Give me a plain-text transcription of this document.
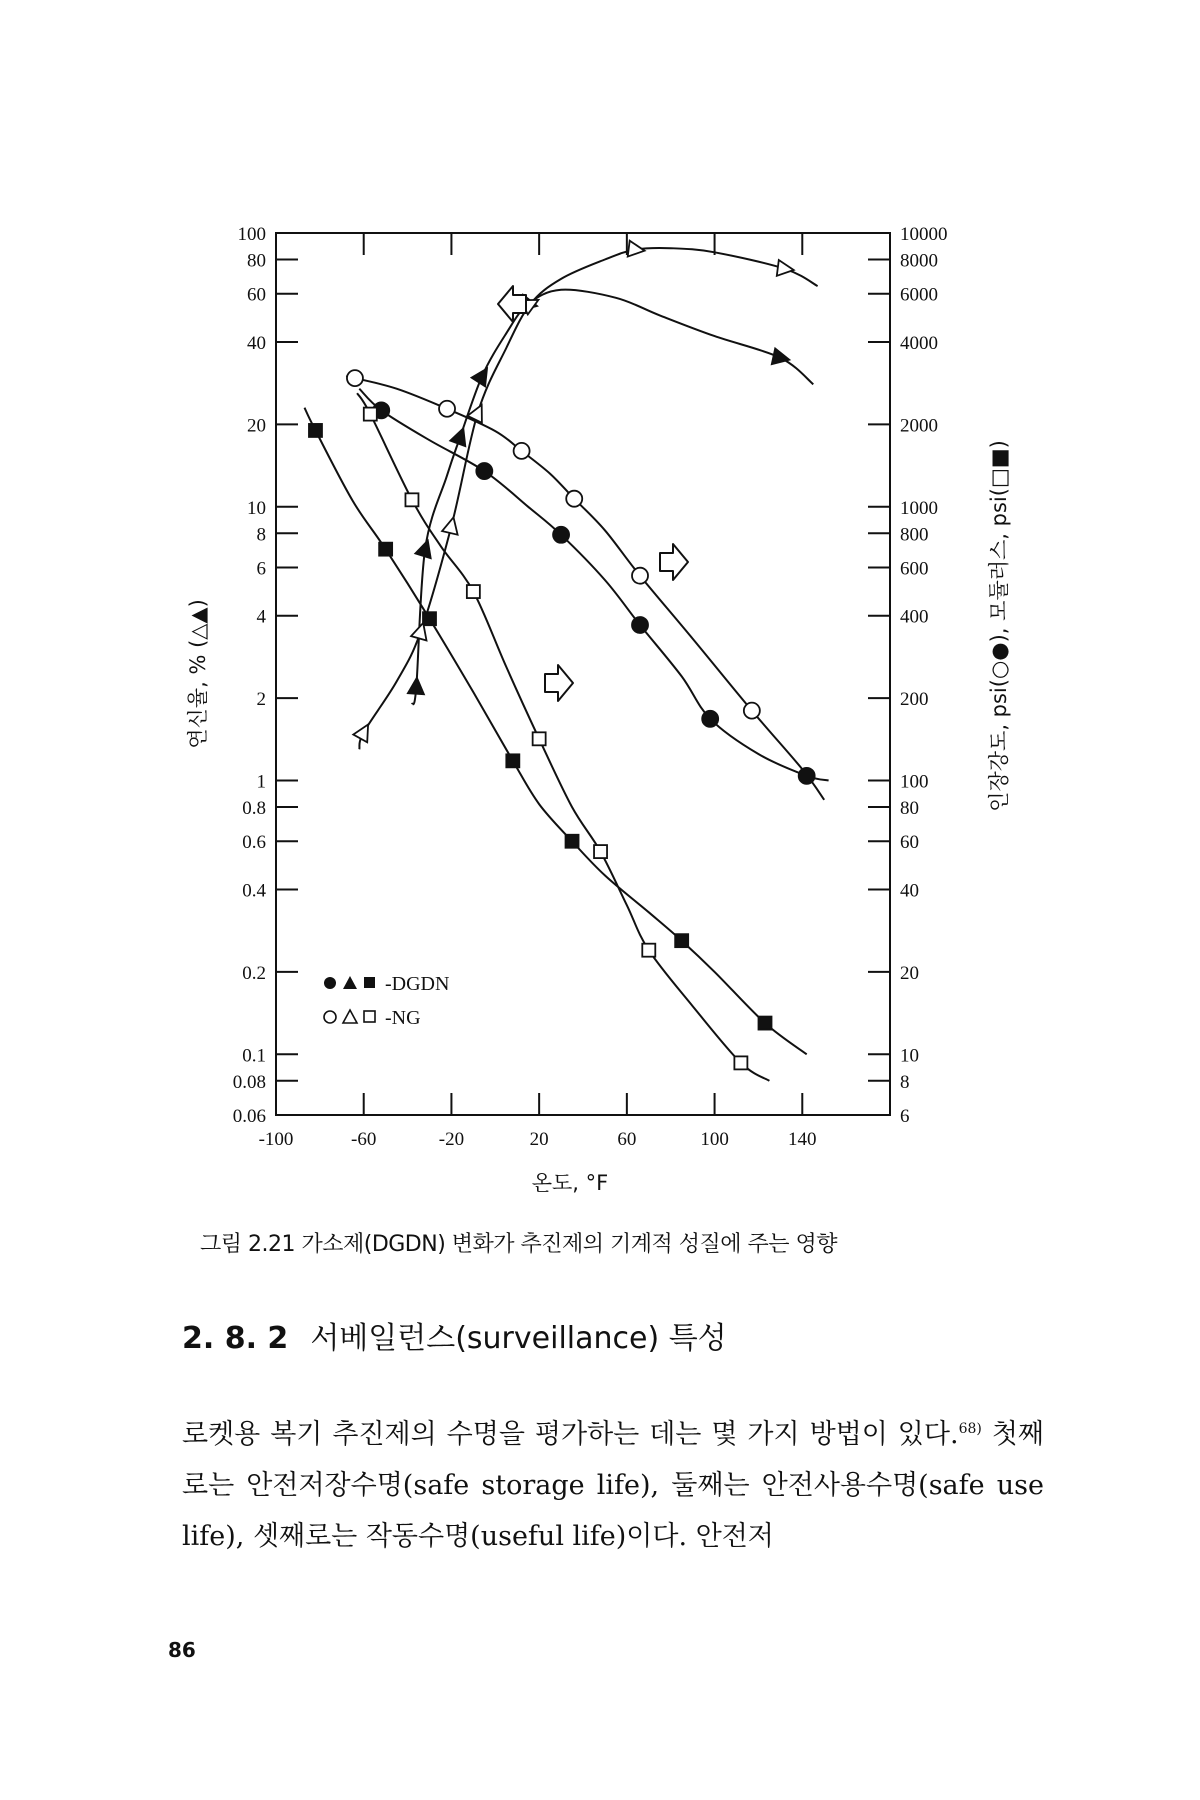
100
80
60
40
20
10
8
6
4
2
1
0.8
0.6
0.4
0.2
0.1
0.08
0.06
10000
8000
6000
4000
2000
1000
800
600
400
200
100
80
60
40
20
10
8
6
-100	-60	-20	20	60	100	140
-DGDN
-NG
온도, °F
연신율, % (△▲)	인장강도, psi(○●), 모듈러스, psi(□■)
그림 2.21 가소제(DGDN) 변화가 추진제의 기계적 성질에 주는 영향
2. 8. 2 서베일런스(surveillance) 특성
로켓용 복기 추진제의 수명을 평가하는 데는 몇 가지 방법이 있다.$^{68)}$ 첫째로는 안전저장수명(safe storage life), 둘째는 안전사용수명(safe use life), 셋째로는 작동수명(useful life)이다. 안전저
86
